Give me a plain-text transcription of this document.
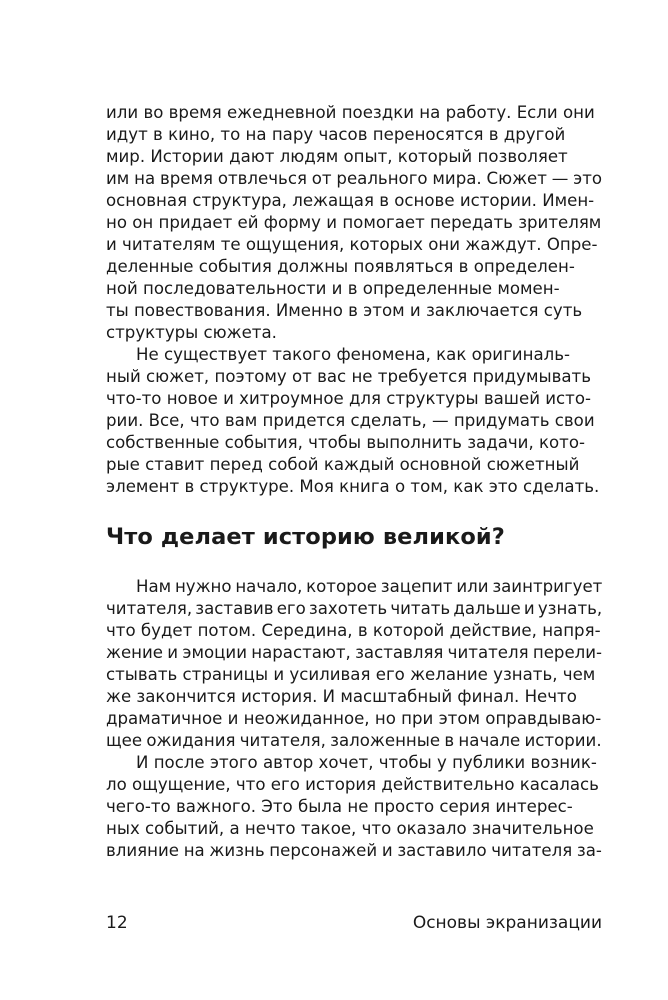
или во время ежедневной поездки на работу. Если они

идут в кино, то на пару часов переносятся в другой

мир. Истории дают людям опыт, который позволяет

им на время отвлечься от реального мира. Сюжет — это

основная структура, лежащая в основе истории. Имен-

но он придает ей форму и помогает передать зрителям

и читателям те ощущения, которых они жаждут. Опре-

деленные события должны появляться в определен-

ной последовательности и в определенные момен-

ты повествования. Именно в этом и заключается суть

структуры сюжета.

Не существует такого феномена, как оригиналь-

ный сюжет, поэтому от вас не требуется придумывать

что-то новое и хитроумное для структуры вашей исто-

рии. Все, что вам придется сделать, — придумать свои

собственные события, чтобы выполнить задачи, кото-

рые ставит перед собой каждый основной сюжетный

элемент в структуре. Моя книга о том, как это сделать.

Что делает историю великой?

Нам нужно начало, которое зацепит или заинтригует

читателя, заставив его захотеть читать дальше и узнать,

что будет потом. Середина, в которой действие, напря-

жение и эмоции нарастают, заставляя читателя перели-

стывать страницы и усиливая его желание узнать, чем

же закончится история. И масштабный финал. Нечто

драматичное и неожиданное, но при этом оправдываю-

щее ожидания читателя, заложенные в начале истории.

И после этого автор хочет, чтобы у публики возник-

ло ощущение, что его история действительно касалась

чего-то важного. Это была не просто серия интерес-

ных событий, а нечто такое, что оказало значительное

влияние на жизнь персонажей и заставило читателя за-

12	Основы экранизации
